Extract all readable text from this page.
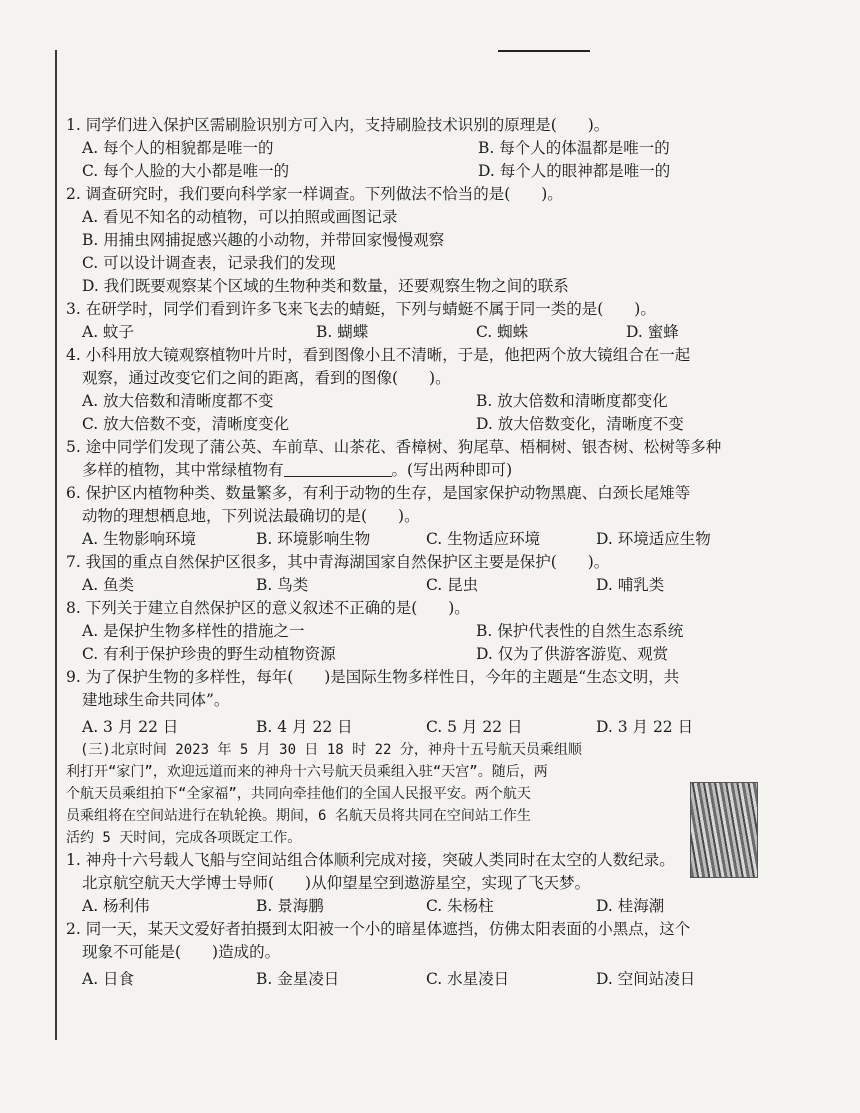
1. 同学们进入保护区需刷脸识别方可入内，支持刷脸技术识别的原理是(　　)。
A. 每个人的相貌都是唯一的	B. 每个人的体温都是唯一的
C. 每个人脸的大小都是唯一的	D. 每个人的眼神都是唯一的
2. 调查研究时，我们要向科学家一样调查。下列做法不恰当的是(　　)。
A. 看见不知名的动植物，可以拍照或画图记录
B. 用捕虫网捕捉感兴趣的小动物，并带回家慢慢观察
C. 可以设计调查表，记录我们的发现
D. 我们既要观察某个区域的生物种类和数量，还要观察生物之间的联系
3. 在研学时，同学们看到许多飞来飞去的蜻蜓，下列与蜻蜓不属于同一类的是(　　)。
A. 蚊子	B. 蝴蝶	C. 蜘蛛	D. 蜜蜂
4. 小科用放大镜观察植物叶片时，看到图像小且不清晰，于是，他把两个放大镜组合在一起
观察，通过改变它们之间的距离，看到的图像(　　)。
A. 放大倍数和清晰度都不变	B. 放大倍数和清晰度都变化
C. 放大倍数不变，清晰度变化	D. 放大倍数变化，清晰度不变
5. 途中同学们发现了蒲公英、车前草、山茶花、香樟树、狗尾草、梧桐树、银杏树、松树等多种
多样的植物，其中常绿植物有	。(写出两种即可)
6. 保护区内植物种类、数量繁多，有利于动物的生存，是国家保护动物黑鹿、白颈长尾雉等
动物的理想栖息地，下列说法最确切的是(　　)。
A. 生物影响环境	B. 环境影响生物	C. 生物适应环境	D. 环境适应生物
7. 我国的重点自然保护区很多，其中青海湖国家自然保护区主要是保护(　　)。
A. 鱼类	B. 鸟类	C. 昆虫	D. 哺乳类
8. 下列关于建立自然保护区的意义叙述不正确的是(　　)。
A. 是保护生物多样性的措施之一	B. 保护代表性的自然生态系统
C. 有利于保护珍贵的野生动植物资源	D. 仅为了供游客游览、观赏
9. 为了保护生物的多样性，每年(　　)是国际生物多样性日，今年的主题是“生态文明，共
建地球生命共同体”。
A. 3 月 22 日	B. 4 月 22 日	C. 5 月 22 日	D. 3 月 22 日
　(三)北京时间 2023 年 5 月 30 日 18 时 22 分，神舟十五号航天员乘组顺
利打开“家门”，欢迎远道而来的神舟十六号航天员乘组入驻“天宫”。随后，两
个航天员乘组拍下“全家福”，共同向牵挂他们的全国人民报平安。两个航天
员乘组将在空间站进行在轨轮换。期间，6 名航天员将共同在空间站工作生
活约 5 天时间，完成各项既定工作。
1. 神舟十六号载人飞船与空间站组合体顺利完成对接，突破人类同时在太空的人数纪录。
北京航空航天大学博士导师(　　)从仰望星空到遨游星空，实现了飞天梦。
A. 杨利伟	B. 景海鹏	C. 朱杨柱	D. 桂海潮
2. 同一天，某天文爱好者拍摄到太阳被一个小的暗星体遮挡，仿佛太阳表面的小黑点，这个
现象不可能是(　　)造成的。
A. 日食	B. 金星凌日	C. 水星凌日	D. 空间站凌日
